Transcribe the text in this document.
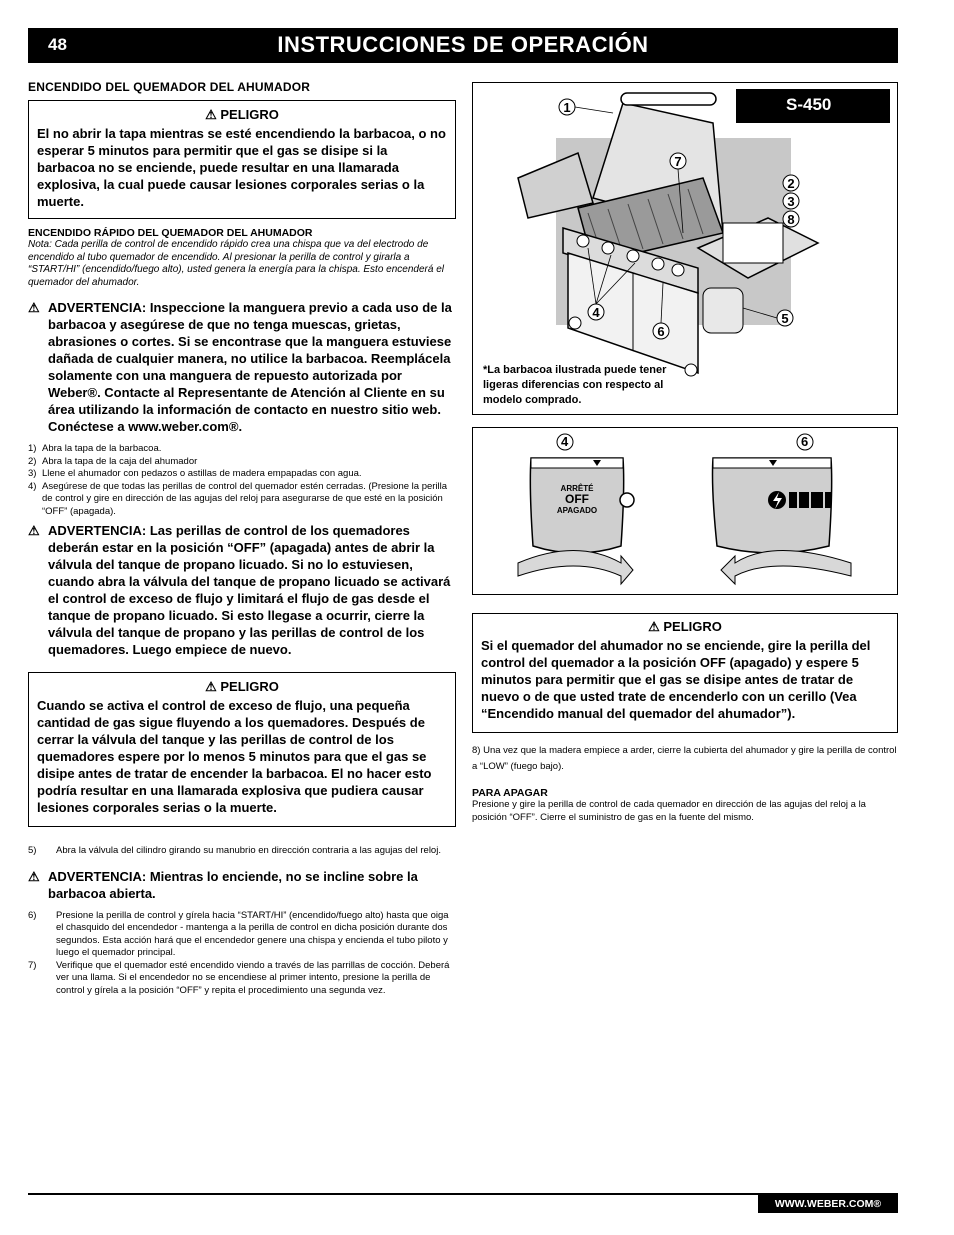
48	INSTRUCCIONES DE OPERACIÓN
ENCENDIDO DEL QUEMADOR DEL AHUMADOR
⚠ PELIGRO
El no abrir la tapa mientras se esté encendiendo la barbacoa, o no esperar 5 minutos para permitir que el gas se disipe si la barbacoa no se enciende, puede resultar en una llamarada explosiva, la cual puede causar lesiones corporales serias o la muerte.
ENCENDIDO RÁPIDO DEL QUEMADOR DEL AHUMADOR
Nota: Cada perilla de control de encendido rápido crea una chispa que va del electrodo de encendido al tubo quemador de encendido. Al presionar la perilla de control y girarla a “START/HI” (encendido/fuego alto), usted genera la energía para la chispa. Esto encenderá el quemador del ahumador.
⚠ ADVERTENCIA: Inspeccione la manguera previo a cada uso de la barbacoa y asegúrese de que no tenga muescas, grietas, abrasiones o cortes. Si se encontrase que la manguera estuviese dañada de cualquier manera, no utilice la barbacoa. Reemplácela solamente con una manguera de repuesto autorizada por Weber®. Contacte al Representante de Atención al Cliente en su área utilizando la información de contacto en nuestro sitio web.
Conéctese a www.weber.com®.
1) Abra la tapa de la barbacoa.
2) Abra la tapa de la caja del ahumador
3) Llene el ahumador con pedazos o astillas de madera empapadas con agua.
4) Asegúrese de que todas las perillas de control del quemador estén cerradas. (Presione la perilla de control y gire en dirección de las agujas del reloj para asegurarse de que esté en la posición “OFF” (apagada).
⚠ ADVERTENCIA: Las perillas de control de los quemadores deberán estar en la posición “OFF” (apagada) antes de abrir la válvula del tanque de propano licuado. Si no lo estuviesen, cuando abra la válvula del tanque de propano licuado se activará el control de exceso de flujo y limitará el flujo de gas desde el tanque de propano licuado. Si esto llegase a ocurrir, cierre la válvula del tanque de propano y las perillas de control de los quemadores. Luego empiece de nuevo.
⚠ PELIGRO
Cuando se activa el control de exceso de flujo, una pequeña cantidad de gas sigue fluyendo a los quemadores. Después de cerrar la válvula del tanque y las perillas de control de los quemadores espere por lo menos 5 minutos para que el gas se disipe antes de tratar de encender la barbacoa. El no hacer esto podría resultar en una llamarada explosiva que pudiera causar lesiones corporales serias o la muerte.
5)	Abra la válvula del cilindro girando su manubrio en dirección contraria a las agujas del reloj.
⚠ ADVERTENCIA: Mientras lo enciende, no se incline sobre la barbacoa abierta.
6)	Presione la perilla de control y gírela hacia “START/HI” (encendido/fuego alto) hasta que oiga el chasquido del encendedor - mantenga a la perilla de control en dicha posición durante dos segundos. Esta acción hará que el encendedor genere una chispa y encienda el tubo piloto y luego el quemador principal.
7)	Verifique que el quemador esté encendido viendo a través de las parrillas de cocción. Deberá ver una llama. Si el encendedor no se encendiese al primer intento, presione la perilla de control y gírela a la posición “OFF” y repita el procedimiento una segunda vez.
S-450
1
7
2
3
8
4
6
5
*La barbacoa ilustrada puede tener ligeras diferencias con respecto al modelo comprado.
4	6
ARRÊTÉ
OFF
APAGADO
⚠ PELIGRO
Si el quemador del ahumador no se enciende, gire la perilla del control del quemador a la posición OFF (apagado) y espere 5 minutos para permitir que el gas se disipe antes de tratar de nuevo o de que usted trate de encenderlo con un cerillo (Vea “Encendido manual del quemador del ahumador”).
8) Una vez que la madera empiece a arder, cierre la cubierta del ahumador y gire la perilla de control a “LOW” (fuego bajo).
PARA APAGAR
Presione y gire la perilla de control de cada quemador en dirección de las agujas del reloj a la posición “OFF”. Cierre el suministro de gas en la fuente del mismo.
WWW.WEBER.COM®
